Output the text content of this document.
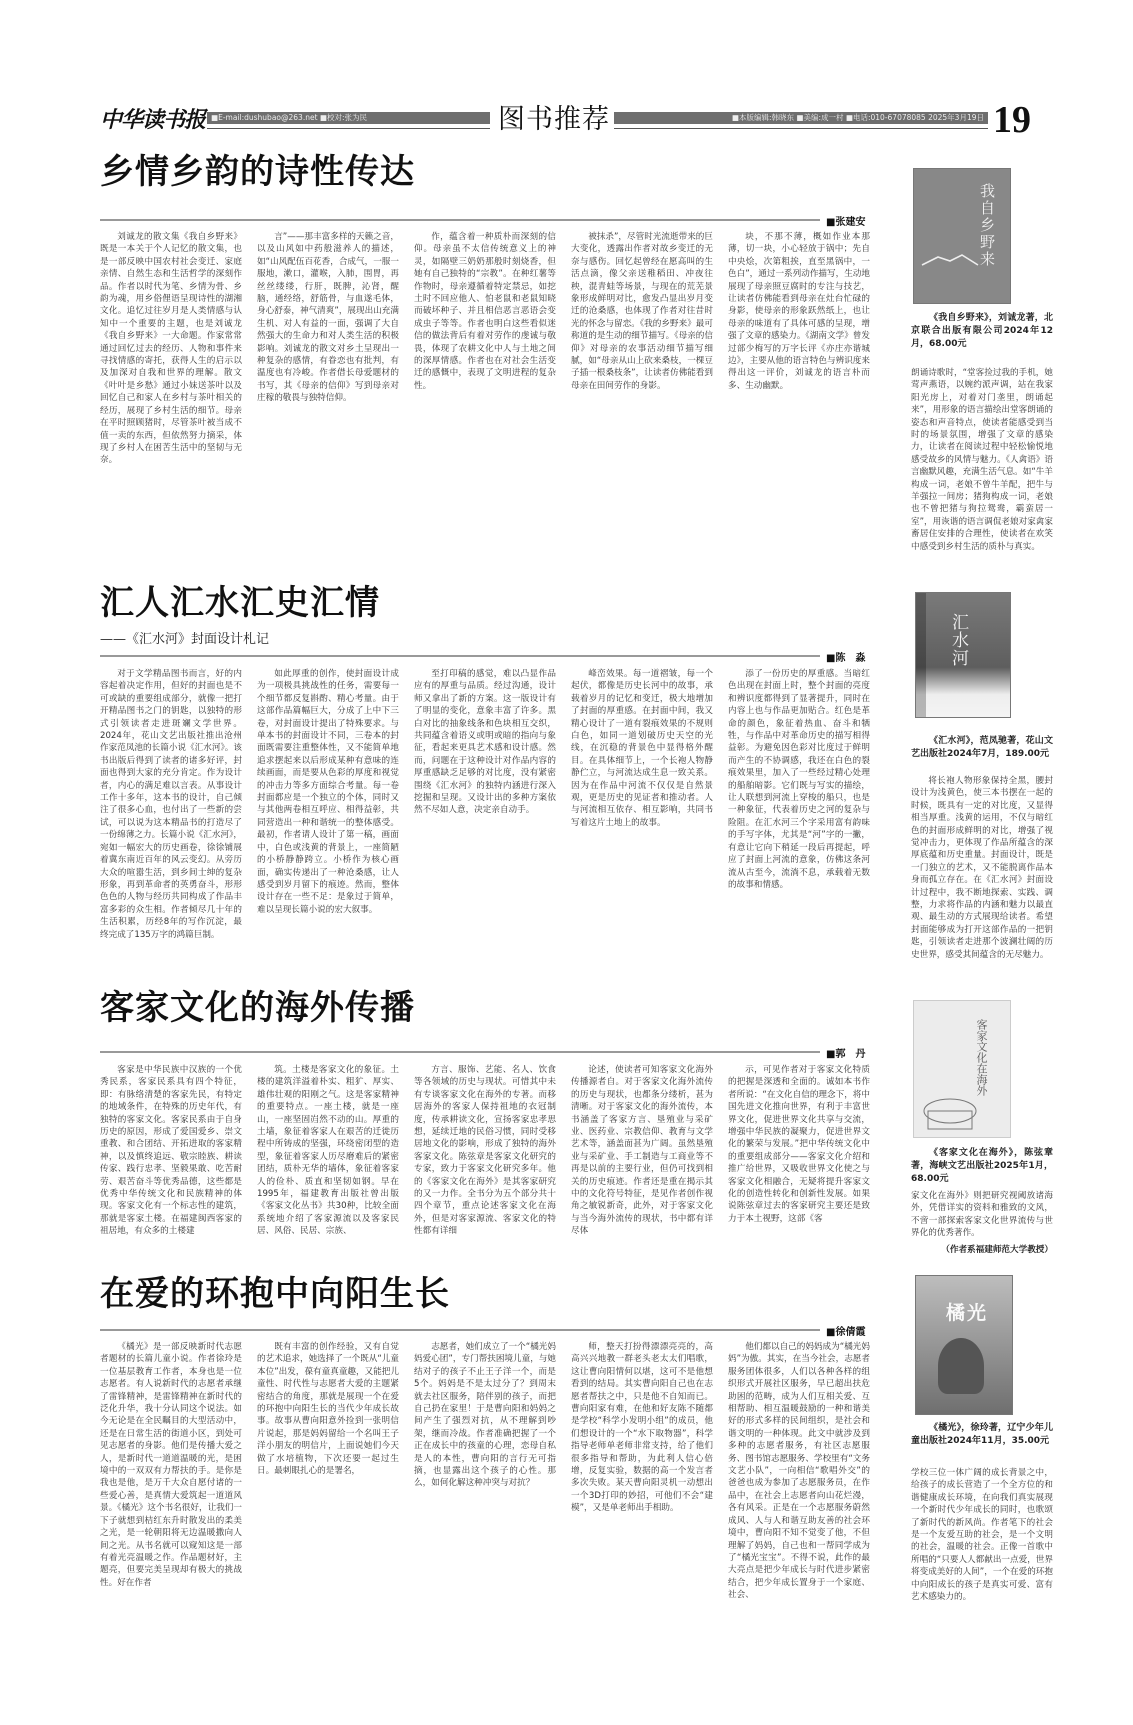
中华读书报 ■E-mail:dushubao@263.net ■校对:张为民	图书推荐	■本版编辑:韩晓东 ■美编:成一村 ■电话:010-67078085 2025年3月19日 19
乡情乡韵的诗性传达
■张建安

刘诚龙的散文集《我自乡野来》既是一本关于个人记忆的散文集，也是一部反映中国农村社会变迁、家庭亲情、自然生态和生活哲学的深刻作品。作者以时代为笔、乡情为骨、乡韵为魂，用乡俗俚语呈现诗性的湖湘文化。追忆过往岁月是人类情感与认知中一个重要的主题，也是刘诚龙《我自乡野来》一大命题。作家常常通过回忆过去的经历、人物和事件来寻找情感的寄托，获得人生的启示以及加深对自我和世界的理解。散文《叶叶是乡愁》通过小妹送茶叶以及回忆自己和家人在乡村与茶叶相关的经历，展现了乡村生活的细节。母亲在平时照顾猪时，尽管茶叶被当成不值一卖的东西，但依然努力摘采，体现了乡村人在困苦生活中的坚韧与无奈。

言”——那丰富多样的天籁之音，以及山风如中药般滋养人的描述，如“山风配伍百花香，合成气，一服一服地，漱口，灌喉，入肺，围胃，再丝丝缕缕，行肝，既脾，沁肾，醒脑，通经络，舒筋骨，与血遂毛体，身心舒泰，神气清爽”，展现出山充满生机、对人有益的一面，强调了大自然强大的生命力和对人类生活的积极影响。刘诚龙的散文对乡土呈现出一种复杂的感情，有眷恋也有批判，有温度也有冷峻。作者借长母爱题材的书写，其《母亲的信仰》写到母亲对庄稼的敬畏与独特信仰。

作，蕴含着一种质朴而深刻的信仰。母亲虽不太信传统意义上的神灵，如隔壁三奶奶那般时刻烧香，但她有自己独特的“宗教”。在种红薯等作物时，母亲遵循着特定禁忌，如挖土时不回应他人、怕老鼠和老鼠知晓而破坏种子、并且相信恶言恶语会变成虫子等等。作者也明白这些看似迷信的做法背后有着对劳作的虔诚与敬畏，体现了农耕文化中人与土地之间的深厚情感。作者也在对社会生活变迁的感慨中，表现了文明进程的复杂性。

被抹杀”，尽管时光流逝带来的巨大变化，透露出作者对故乡变迁的无奈与感伤。回忆起曾经在愿高叫的生活点滴，像父亲送稚稻田、冲夜往秧，混青蛙等场景，与现在的荒芜景象形成鲜明对比，愈发凸显出岁月变迁的沧桑感，也体现了作者对往昔时光的怀念与留恋。《我的乡野来》最可称道的是生动的细节描写。《母亲的信仰》对母亲的农事活动细节描写细腻，如“母亲从山上砍来桑枝，一棵豆子插一根桑枝条”，让读者仿佛能看到母亲在田间劳作的身影。

块，不那不薄，概如作业本那薄，切一块，小心轻放于锅中；先自中央烩，次第粗挨，直至黑锅中，一色白”，通过一系列动作描写，生动地展现了母亲照豆腐时的专注与技艺，让读者仿佛能看到母亲在灶台忙碌的身影，使母亲的形象跃然纸上，也让母亲的味道有了具体可感的呈现，增强了文章的感染力。《湖南文学》曾发过部少梅写的万字长评《亦庄亦谐城边》，主要从他的语言特色与辨识度来得出这一评价，刘诚龙的语言朴而多、生动幽默。

我自乡野来
《我自乡野来》，刘诚龙著，北京联合出版有限公司2024年12月，68.00元
朗诵诗歌时，“堂客捡过我的手机，她莺声燕语，以婉约派声调，站在我家阳光房上，对着对门垄里，朗诵起来”，用形象的语言描绘出堂客朗诵的姿态和声音特点，使读者能感受到当时的场景氛围，增强了文章的感染力，让读者在阅读过程中轻松愉悦地感受故乡的风情与魅力。《人禽语》语言幽默风趣，充满生活气息。如“牛羊构成一词，老娘不曾牛羊配，把牛与羊强拉一间房；猪狗构成一词，老娘也不曾把猪与狗拉鸳鸯，霸蛮居一室”，用诙谐的语言调侃老娘对家禽家畜居住安排的合理性，使读者在欢笑中感受到乡村生活的质朴与真实。
汇人汇水汇史汇情
——《汇水河》封面设计札记
■陈　淼

对于文学精品图书而言，好的内容起着决定作用，但好的封面也是不可或缺的重要组成部分，就像一把打开精品图书之门的钥匙，以独特的形式引领读者走进斑斓文学世界。2024年，花山文艺出版社推出沧州作家范凤池的长篇小说《汇水河》。该书出版后得到了读者的诸多好评，封面也得到大家的充分肯定。作为设计者，内心的满足难以言表。从事设计工作十多年，这本书的设计，自己倾注了很多心血，也付出了一些新的尝试，可以说为这本精品书的打造尽了一份绵薄之力。长篇小说《汇水河》，宛如一幅宏大的历史画卷，徐徐铺展着冀东南近百年的风云变幻。从旁历大众的喧嚣生活，到乡间士绅的复杂形象，再到革命者的英勇奋斗，形形色色的人物与经历共同构成了作品丰富多彩的众生相。作者倾尽几十年的生活积累，历经8年的写作沉淀，最终完成了135万字的鸿篇巨制。

如此厚重的创作，使封面设计成为一项极具挑战性的任务，需要每一个细节都反复斟酌、精心考量。由于这部作品篇幅巨大，分成了上中下三卷，对封面设计提出了特殊要求。与单本书的封面设计不同，三卷本的封面既需要注重整体性，又不能简单地追求摆起来以后形成某种有意味的连续画面，而是要从色彩的厚度和视觉的冲击力等多方面综合考量。每一卷封面都应是一个独立的个体，同时又与其他两卷相互呼应、相得益彰，共同营造出一种和谐统一的整体感受。最初，作者请人设计了第一稿，画面中，白色或浅黄的背景上，一座简陋的小桥静静跨立。小桥作为核心画面，确实传递出了一种沧桑感，让人感受到岁月留下的痕迹。然而，整体设计存在一些不足：是象过于简单，难以呈现长篇小说的宏大叙事。

至打印稿的感觉，难以凸显作品应有的厚重与品质。经过沟通，设计师又拿出了新的方案。这一版设计有了明显的变化，意象丰富了许多。黑白对比的抽象线条和色块相互交织，共同蕴含着语义或明或暗的指向与象征，看起来更具艺术感和设计感。然而，问题在于这种设计对作品内容的厚重感缺乏足够的对比度，没有紧密围绕《汇水河》的独特内涵进行深入挖掘和呈现。又设计出的多种方案依然不尽如人意，决定亲自动手。

峰峦效果。每一道褶皱，每一个起伏，都像是历史长河中的故事，承载着岁月的记忆和变迁，极大地增加了封面的厚重感。在封面中间，我又精心设计了一道有裂痕效果的不规则白色，如同一道划破历史天空的光线，在沉稳的背景色中显得格外醒目。在具体细节上，一个长袍人物静静伫立，与河流达成生息一致关系。因为在作品中河流不仅仅是自然景观，更是历史的见证者和推动者。人与河流相互依存、相互影响，共同书写着这片土地上的故事。

添了一份历史的厚重感。当暗红色出现在封面上时，整个封面的亮度和辨识度都得到了显著提升，同时在内容上也与作品更加贴合。红色是革命的颜色，象征着热血、奋斗和牺牲，与作品中对革命历史的描写相得益彰。为避免因色彩对比度过于鲜明而产生的不协调感，我还在白色的裂痕效果里，加入了一些经过精心处理的船舶暗影。它们既与写实的描绘，让人联想到河流上穿梭的船只，也是一种象征，代表着历史之河的复杂与险阻。在汇水河三个字采用富有韵味的手写字体，尤其是“河”字的一撇，有意让它向下稍延一段后再提起，呼应了封面上河流的意象，仿佛这条河流从古至今，流淌不息，承载着无数的故事和情感。

汇水河
《汇水河》，范凤驰著，花山文艺出版社2024年7月，189.00元
将长袍人物形象保持全黑，腰封设计为浅黄色，使三本书摆在一起的时候，既具有一定的对比度，又显得相当厚重。浅黄的运用，不仅与暗红色的封面形成鲜明的对比，增强了视觉冲击力，更体现了作品所蕴含的深厚底蕴和历史重量。封面设计，既是一门独立的艺术，又不能脱离作品本身而孤立存在。在《汇水河》封面设计过程中，我不断地探索、实践、调整，力求将作品的内涵和魅力以最直观、最生动的方式展现给读者。希望封面能够成为打开这部作品的一把钥匙，引领读者走进那个波澜壮阔的历史世界，感受其间蕴含的无尽魅力。
客家文化的海外传播
■郭　丹

客家是中华民族中汉族的一个优秀民系，客家民系具有四个特征，即：有脉络清楚的客家先民，有特定的地域条件，在特殊的历史年代，有独特的客家文化。客家民系由于自身历史的原因，形成了爱国爱乡、崇文重教、和合团结、开拓进取的客家精神，以及慎终追远、敬宗睦族、耕读传家、践行忠孝、坚毅果敢、吃苦耐劳、艰苦奋斗等优秀品德，这些都是优秀中华传统文化和民族精神的体现。客家文化有一个标志性的建筑，那就是客家土楼。在福建闽西客家的祖居地，有众多的土楼建

筑。土楼是客家文化的象征。土楼的建筑洋溢着朴实、粗犷、厚实、雄伟壮观的阳刚之气。这是客家精神的重要特点。一座土楼，就是一座山，一座坚固岿然不动的山。厚重的土墙，象征着客家人在艰苦的迁徙历程中所铸成的坚强，环绕密闭型的造型，象征着客家人历尽磨难后的紧密团结，质朴无华的墙体，象征着客家人的俭朴、质直和坚韧如钢。早在1995年，福建教育出版社曾出版《客家文化丛书》共30种，比较全面系统地介绍了客家源流以及客家民居、风俗、民居、宗族、

方言、服饰、艺能、名人、饮食等各领域的历史与现状。可惜其中未有专谈客家文化在海外的专著。而移居海外的客家人保持祖地的衣冠制度，传承耕读文化，宣扬客家忠孝思想，延续迁地的民俗习惯，同时受移居地文化的影响，形成了独特的海外客家文化。陈弦章是客家文化研究的专家，致力于客家文化研究多年。他的《客家文化在海外》是其客家研究的又一力作。全书分为五个部分共十四个章节，重点论述客家文化在海外，但是对客家源流、客家文化的特性都有详细

论述，使读者可知客家文化海外传播源者自。对于客家文化海外流传的历史与现状，也都条分缕析，甚为清晰。对于客家文化的海外流传，本书涵盖了客家方言、垦殖业与采矿业、医药业、宗教信仰、教育与文学艺术等，涵盖面甚为广阔。虽然垦殖业与采矿业、手工制造与工商业等不再是以前的主要行业，但仍可找到相关的历史痕迹。作者还是重在揭示其中的文化符号特征，是见作者创作视角之敏锐新奇，此外，对于客家文化与当今海外流传的现状，书中都有详尽体

示，可见作者对于客家文化特质的把握是深透和全面的。诚如本书作者所说：“在文化自信的理念下，将中国先进文化推向世界，有利于丰富世界文化，促进世界文化共享与交流，增强中华民族的凝聚力，促进世界文化的繁荣与发展。”把中华传统文化中的重要组成部分——客家文化介绍和推广给世界，又吸收世界文化使之与客家文化相融合，无疑将提升客家文化的创造性转化和创新性发展。如果说陈弦章过去的客家研究主要还是致力于本土视野，这部《客

客家文化在海外
《客家文化在海外》，陈弦章著，海峡文艺出版社2025年1月，68.00元
家文化在海外》则把研究视阈放诸海外，凭借详实的资料和雅致的文风，不啻一部探索客家文化世界流传与世界化的优秀著作。
（作者系福建师范大学教授）
在爱的环抱中向阳生长
■徐倩霞

《橘光》是一部反映新时代志愿者题材的长篇儿童小说。作者徐玲是一位基层教育工作者，本身也是一位志愿者。有人说新时代的志愿者承继了雷锋精神，是雷锋精神在新时代的泛化升华，我十分认同这个说法。如今无论是在全民瞩目的大型活动中，还是在日常生活的街道小区，到处可见志愿者的身影。他们是传播大爱之人，是新时代一道道温暖的光，是困境中的一双双有力帮扶的手。是你是我也是他，是万千大众自愿付诸的一些爱心善，是真情大爱筑起一道道风景。《橘光》这个书名很好，让我们一下子就想到桔红东升时散发出的柔美之光，是一轮朝阳将无边温暖撒向人间之光。从书名就可以窥知这是一部有着光亮温暖之作。作品题材好，主题亮，但要完美呈现却有极大的挑战性。好在作者

既有丰富的创作经验，又有自觉的艺术追求，她选择了一个既从“儿童本位”出发，葆有童真童趣，又能把儿童性、时代性与志愿者大爱的主题紧密结合的角度，那就是展现一个在爱的环抱中向阳生长的当代少年成长故事。故事从曹向阳意外捡到一张明信片说起，那是妈妈留给一个名叫王子洋小朋友的明信片，上面说她们今天做了水培植物，下次还要一起过生日。最刺眼扎心的是署名，

志愿者，她们成立了一个“橘光妈妈爱心团”，专门帮扶困境儿童，与她结对子的孩子不止王子洋一个，而是5个。妈妈是不是太过分了？到周末就去社区服务，陪伴别的孩子，而把自己扔在家里！于是曹向阳和妈妈之间产生了强烈对抗，从不理解到吵架，继而冷战。作者准确把握了一个正在成长中的孩童的心理，恋母自私是人的本性，曹向阳的言行无可指摘，也显露出这个孩子的心性。那么，如何化解这种冲突与对抗？

师，整天打扮得漂漂亮亮的，高高兴兴地教一群老头老太太们唱歌，这让曹向阳情何以堪，这可不是他想看到的结局。其实曹向阳自己也在志愿者帮扶之中，只是他不自知而已。曹向阳家有难，在他和好友陈不随都是学校“科学小发明小组”的成员，他们想设计的一个“水下取物器”，科学指导老师单老师非常支持，给了他们很多指导和帮助，为此利人信心倍增，反复实验，数据的高一个发言者多次失败。某天曹向阳灵机一动想出一个3D打印的妙招，可他们不会“建模”，又是单老师出手相助。

他们都以自己的妈妈成为“橘光妈妈”为傲。其实，在当今社会，志愿者服务团体很多，人们以各种各样的组织形式开展社区服务，早已超出扶危助困的范畴，成为人们互相关爱、互相帮助、相互温暖鼓励的一种和谐美好的形式多样的民间组织，是社会和谐文明的一种体现。此文中就涉及到多种的志愿者服务，有社区志愿服务、图书馆志愿服务、学校里有“文务文艺小队”，一向相信“歌唱外交”的爸爸也成为参加了志愿服务员，在作品中，在社会上志愿者向山花烂漫，各有风采。正是在一个志愿服务蔚然成风、人与人和谐互助友善的社会环境中，曹向阳不知不觉变了他，不但理解了妈妈，自己也和一帮同学成为了“橘光宝宝”。不得不说，此作的最大亮点是把少年成长与时代进步紧密结合，把少年成长置身于一个家庭、社会、

橘光
《橘光》，徐玲著，辽宁少年儿童出版社2024年11月，35.00元
学校三位一体广阔的成长背景之中，给孩子的成长营造了一个全方位的和谐健康成长环境，在向我们真实展现一个新时代少年成长的同时，也歌颂了新时代的新风尚。作者笔下的社会是一个友爱互助的社会，是一个文明的社会，温暖的社会。正像一首歌中所唱的“只要人人都献出一点爱，世界将变成美好的人间”，一个在爱的环抱中向阳成长的孩子是真实可爱、富有艺术感染力的。
